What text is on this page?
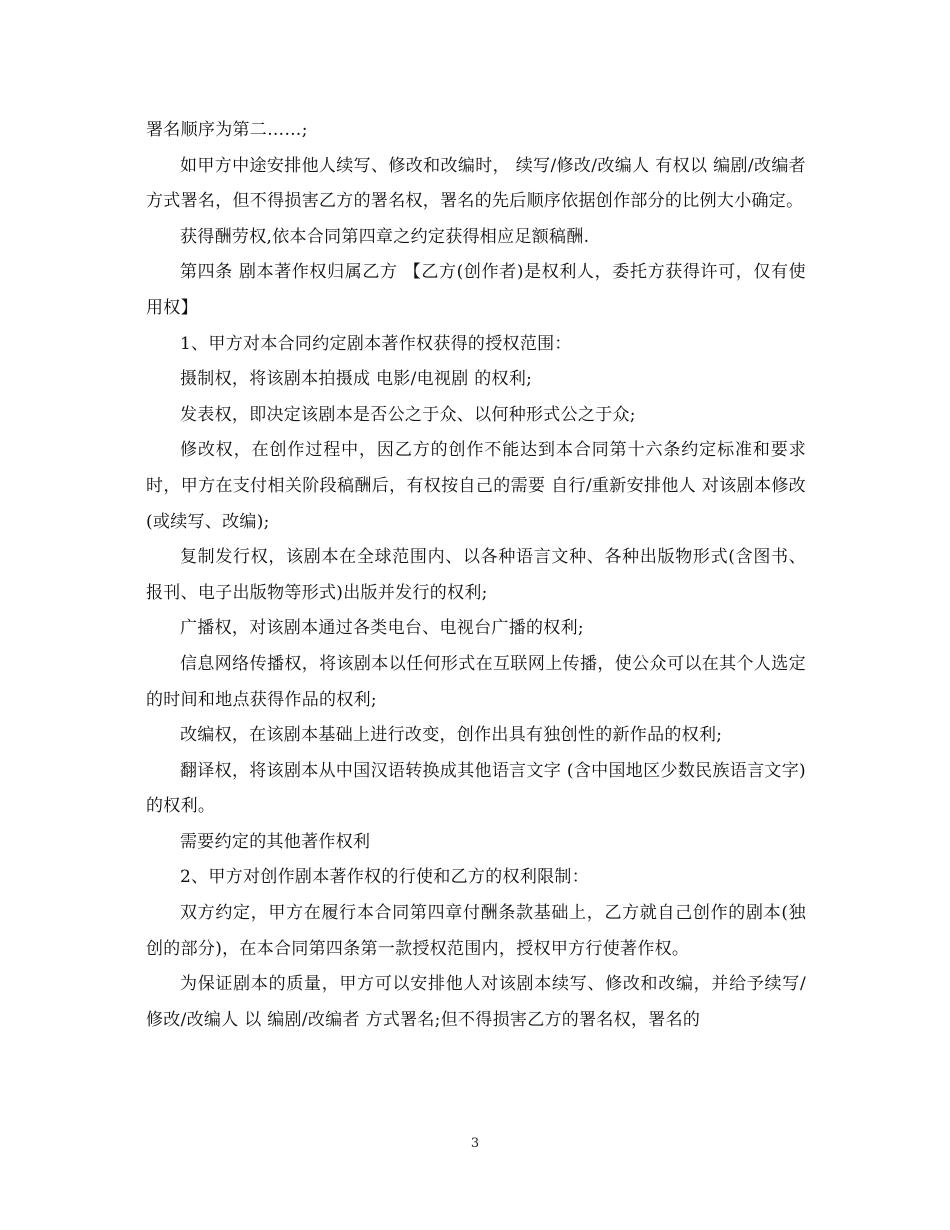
署名顺序为第二……;

如甲方中途安排他人续写、修改和改编时， 续写/修改/改编人 有权以 编剧/改编者 方式署名，但不得损害乙方的署名权，署名的先后顺序依据创作部分的比例大小确定。

获得酬劳权,依本合同第四章之约定获得相应足额稿酬.

第四条 剧本著作权归属乙方 【乙方(创作者)是权利人，委托方获得许可，仅有使用权】

1、甲方对本合同约定剧本著作权获得的授权范围：

摄制权，将该剧本拍摄成 电影/电视剧 的权利;

发表权，即决定该剧本是否公之于众、以何种形式公之于众;

修改权，在创作过程中，因乙方的创作不能达到本合同第十六条约定标准和要求时，甲方在支付相关阶段稿酬后，有权按自己的需要 自行/重新安排他人 对该剧本修改(或续写、改编);

复制发行权，该剧本在全球范围内、以各种语言文种、各种出版物形式(含图书、报刊、电子出版物等形式)出版并发行的权利;

广播权，对该剧本通过各类电台、电视台广播的权利;

信息网络传播权，将该剧本以任何形式在互联网上传播，使公众可以在其个人选定的时间和地点获得作品的权利;

改编权，在该剧本基础上进行改变，创作出具有独创性的新作品的权利;

翻译权，将该剧本从中国汉语转换成其他语言文字 (含中国地区少数民族语言文字)的权利。

需要约定的其他著作权利

2、甲方对创作剧本著作权的行使和乙方的权利限制：

双方约定，甲方在履行本合同第四章付酬条款基础上，乙方就自己创作的剧本(独创的部分)，在本合同第四条第一款授权范围内，授权甲方行使著作权。

为保证剧本的质量，甲方可以安排他人对该剧本续写、修改和改编，并给予续写/修改/改编人 以 编剧/改编者 方式署名;但不得损害乙方的署名权，署名的

3
